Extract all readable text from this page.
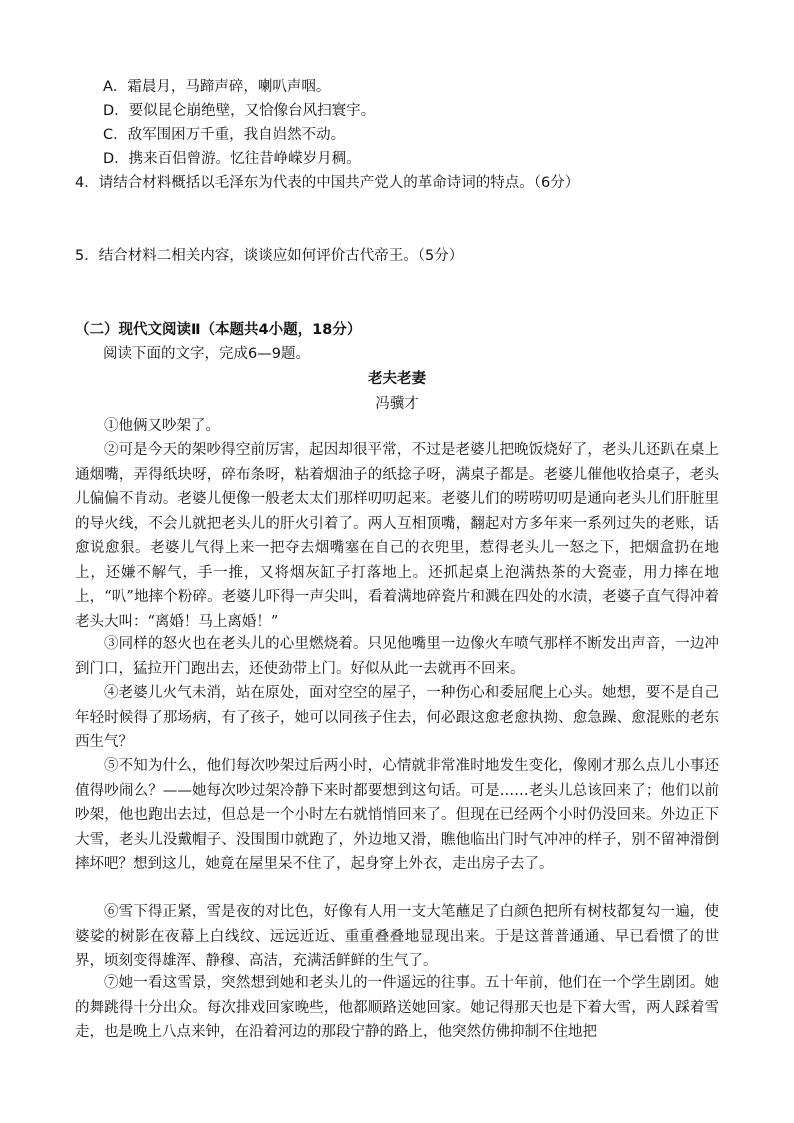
A．霜晨月，马蹄声碎，喇叭声咽。
D．要似昆仑崩绝壁，又恰像台风扫寰宇。
C．敌军围困万千重，我自岿然不动。
D．携来百侣曾游。忆往昔峥嵘岁月稠。
4．请结合材料概括以毛泽东为代表的中国共产党人的革命诗词的特点。（6分）
5．结合材料二相关内容，谈谈应如何评价古代帝王。（5分）
（二）现代文阅读Ⅱ（本题共4小题，18分）
阅读下面的文字，完成6—9题。
老夫老妻
冯骥才
①他俩又吵架了。
②可是今天的架吵得空前厉害，起因却很平常，不过是老婆儿把晚饭烧好了，老头儿还趴在桌上通烟嘴，弄得纸块呀，碎布条呀，粘着烟油子的纸捻子呀，满桌子都是。老婆儿催他收拾桌子，老头儿偏偏不肯动。老婆儿便像一般老太太们那样叨叨起来。老婆儿们的唠唠叨叨是通向老头儿们肝脏里的导火线，不会儿就把老头儿的肝火引着了。两人互相顶嘴，翻起对方多年来一系列过失的老账，话愈说愈狠。老婆儿气得上来一把夺去烟嘴塞在自己的衣兜里，惹得老头儿一怒之下，把烟盒扔在地上，还嫌不解气，手一推，又将烟灰缸子打落地上。还抓起桌上泡满热茶的大瓷壶，用力摔在地上，“叭”地摔个粉碎。老婆儿吓得一声尖叫，看着满地碎瓷片和溅在四处的水渍，老婆子直气得冲着老头大叫：“离婚！马上离婚！”
③同样的怒火也在老头儿的心里燃烧着。只见他嘴里一边像火车喷气那样不断发出声音，一边冲到门口，猛拉开门跑出去，还使劲带上门。好似从此一去就再不回来。
④老婆儿火气未消，站在原处，面对空空的屋子，一种伤心和委屈爬上心头。她想，要不是自己年轻时候得了那场病，有了孩子，她可以同孩子住去，何必跟这愈老愈执拗、愈急躁、愈混账的老东西生气？
⑤不知为什么，他们每次吵架过后两小时，心情就非常准时地发生变化，像刚才那么点儿小事还值得吵闹么？——她每次吵过架冷静下来时都要想到这句话。可是……老头儿总该回来了；他们以前吵架，他也跑出去过，但总是一个小时左右就悄悄回来了。但现在已经两个小时仍没回来。外边正下大雪，老头儿没戴帽子、没围围巾就跑了，外边地又滑，瞧他临出门时气冲冲的样子，别不留神滑倒摔坏吧？想到这儿，她竟在屋里呆不住了，起身穿上外衣，走出房子去了。
⑥雪下得正紧，雪是夜的对比色，好像有人用一支大笔蘸足了白颜色把所有树枝都复勾一遍，使婆娑的树影在夜幕上白线纹、远远近近、重重叠叠地显现出来。于是这普普通通、早已看惯了的世界，顷刻变得雄浑、静穆、高洁，充满活鲜鲜的生气了。
⑦她一看这雪景，突然想到她和老头儿的一件遥远的往事。五十年前，他们在一个学生剧团。她的舞跳得十分出众。每次排戏回家晚些，他都顺路送她回家。她记得那天也是下着大雪，两人踩着雪走，也是晚上八点来钟，在沿着河边的那段宁静的路上，他突然仿佛抑制不住地把
